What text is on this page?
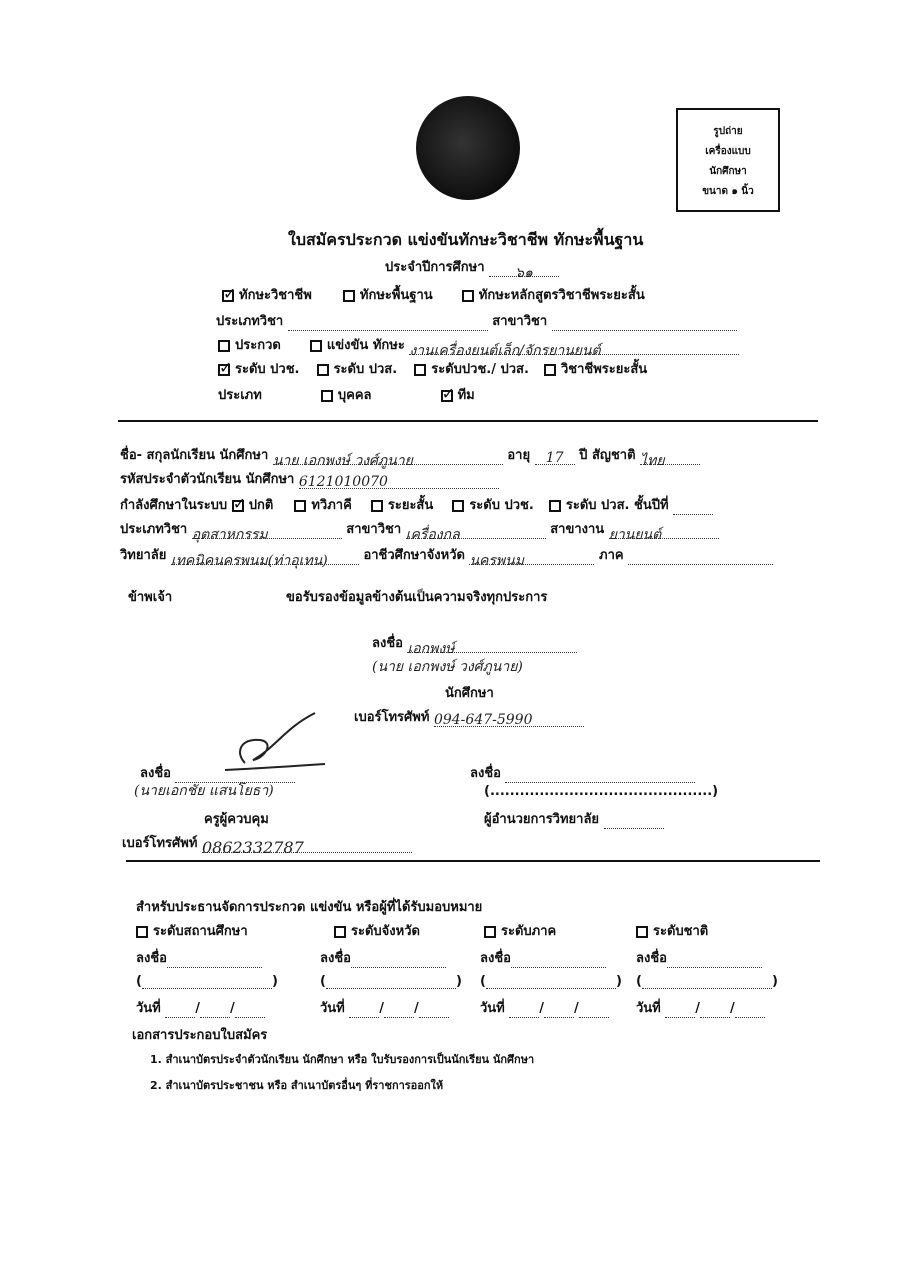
รูปถ่าย
เครื่องแบบ
นักศึกษา
ขนาด ๑ นิ้ว
ใบสมัครประกวด แข่งขันทักษะวิชาชีพ ทักษะพื้นฐาน
ประจำปีการศึกษา ๖๑
✓ทักษะวิชาชีพ	ทักษะพื้นฐาน	ทักษะหลักสูตรวิชาชีพระยะสั้น
ประเภทวิชา	สาขาวิชา
ประกวด	แข่งขัน ทักษะ งานเครื่องยนต์เล็ก/จักรยานยนต์
✓ระดับ ปวช.	ระดับ ปวส.	ระดับปวช./ ปวส. วิชาชีพระยะสั้น
ประเภท	บุคคล ✓	ทีม
ชื่อ- สกุลนักเรียน นักศึกษา นาย เอกพงษ์ วงศ์ภูนาย	อายุ 17 ปี สัญชาติ ไทย
รหัสประจำตัวนักเรียน นักศึกษา 6121010070
กำลังศึกษาในระบบ ✓ ปกติ	ทวิภาคี	ระยะสั้น	ระดับ ปวช. ระดับ ปวส. ชั้นปีที่
ประเภทวิชา อุตสาหกรรม	สาขาวิชา เครื่องกล	สาขางาน ยานยนต์
วิทยาลัย เทคนิคนครพนม(ท่าอุเทน)	อาชีวศึกษาจังหวัด นครพนม	ภาค
ข้าพเจ้า	ขอรับรองข้อมูลข้างต้นเป็นความจริงทุกประการ
ลงชื่อ เอกพงษ์
(นาย เอกพงษ์ วงศ์ภูนาย)
นักศึกษา
เบอร์โทรศัพท์ 094-647-5990
ลงชื่อ
(นายเอกชัย แสนโยธา)
ครูผู้ควบคุม
เบอร์โทรศัพท์ 0862332787
ลงชื่อ
(.............................................)
ผู้อำนวยการวิทยาลัย
สำหรับประธานจัดการประกวด แข่งขัน หรือผู้ที่ได้รับมอบหมาย
ระดับสถานศึกษา
ลงชื่อ
(	)
วันที่	/ /
ระดับจังหวัด
ลงชื่อ
(	)
วันที่	/ /
ระดับภาค
ลงชื่อ
(	)
วันที่	/ /
ระดับชาติ
ลงชื่อ
(	)
วันที่	/ /
เอกสารประกอบใบสมัคร
1. สำเนาบัตรประจำตัวนักเรียน นักศึกษา หรือ ใบรับรองการเป็นนักเรียน นักศึกษา
2. สำเนาบัตรประชาชน หรือ สำเนาบัตรอื่นๆ ที่ราชการออกให้
